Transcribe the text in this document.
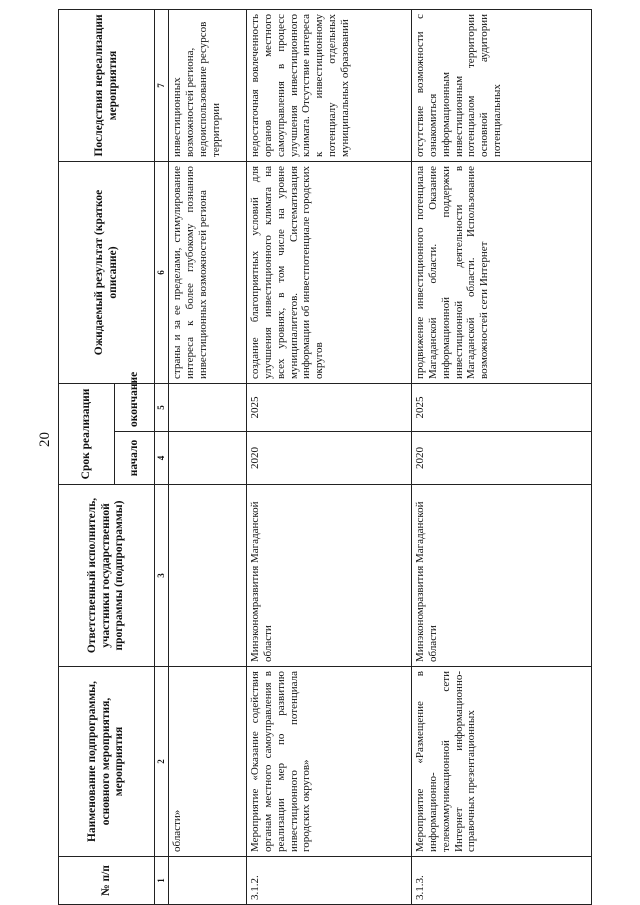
20
№ п/п	Наименование подпрограммы, основного мероприятия, мероприятия	Ответственный исполнитель, участники государственной программы (подпрограммы)	Срок реализации		Ожидаемый результат (краткое описание)	Последствия нереализации мероприятия
			начало	окончание		
1	2	3	4	5	6	7
	области»				страны и за ее пределами, стимулирование интереса к более глубокому познанию инвестиционных возможностей региона	инвестиционных возможностей региона, недоиспользование ресурсов территории
3.1.2.	Мероприятие «Оказание содействия органам местного самоуправления в реализации мер по развитию инвестиционного потенциала городских округов»	Минэкономразвития Магаданской области	2020	2025	создание благоприятных условий для улучшения инвестиционного климата на всех уровнях, в том числе на уровне муниципалитетов. Систематизация информации об инвестпотенциале городских округов	недостаточная вовлеченность органов местного самоуправления в процесс улучшения инвестиционного климата. Отсутствие интереса к инвестиционному потенциалу отдельных муниципальных образований
3.1.3.	Мероприятие «Размещение в информационно-телекоммуникационной сети Интернет информационно-справочных презентационных	Минэкономразвития Магаданской области	2020	2025	продвижение инвестиционного потенциала Магаданской области. Оказание информационной поддержки инвестиционной деятельности в Магаданской области. Использование возможностей сети Интернет	отсутствие возможности с ознакомиться информационным инвестиционным потенциалом территории основной аудитории потенциальных
